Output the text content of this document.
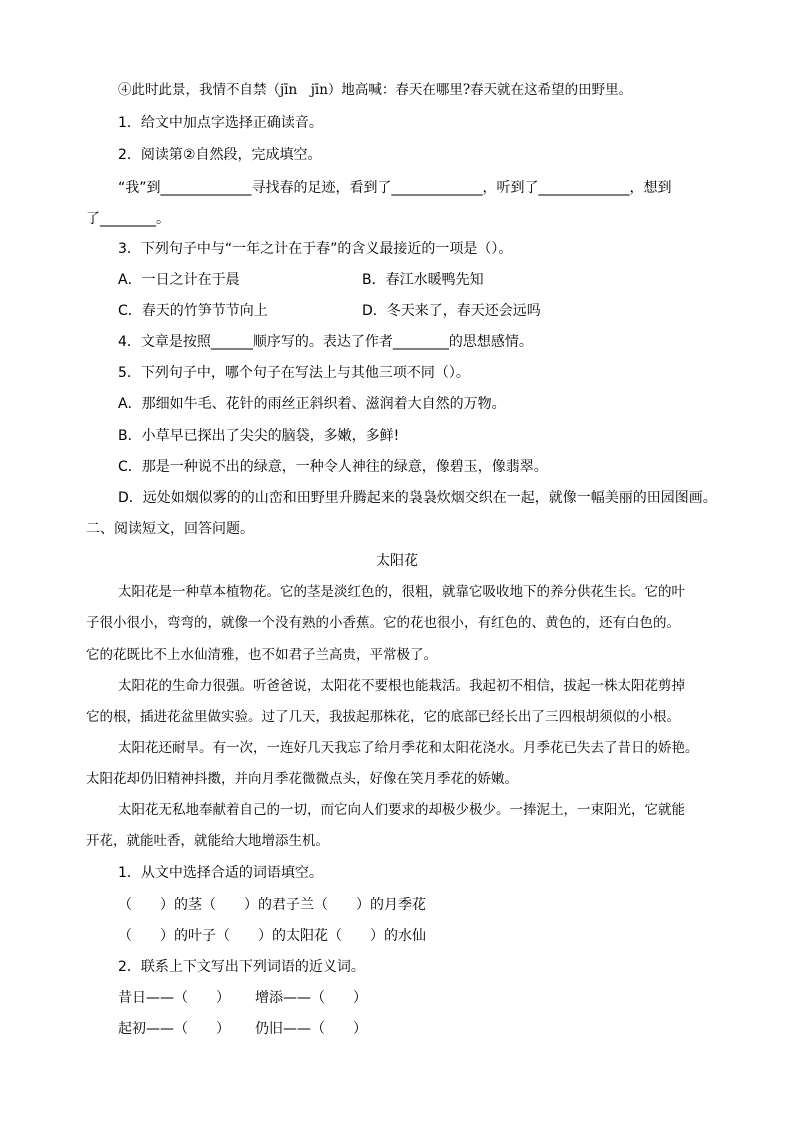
④此时此景，我情不自禁（jīn　jīn）地高喊：春天在哪里?春天就在这希望的田野里。
1．给文中加点字选择正确读音。
2．阅读第②自然段，完成填空。
“我”到_____________寻找春的足迹，看到了_____________，听到了_____________，想到
了________。
3．下列句子中与“一年之计在于春”的含义最接近的一项是（）。
A．一日之计在于晨	B．春江水暖鸭先知
C．春天的竹笋节节向上	D．冬天来了，春天还会远吗
4．文章是按照______顺序写的。表达了作者________的思想感情。
5．下列句子中，哪个句子在写法上与其他三项不同（）。
A．那细如牛毛、花针的雨丝正斜织着、滋润着大自然的万物。
B．小草早已探出了尖尖的脑袋，多嫩，多鲜!
C．那是一种说不出的绿意，一种令人神往的绿意，像碧玉，像翡翠。
D．远处如烟似雾的的山峦和田野里升腾起来的袅袅炊烟交织在一起，就像一幅美丽的田园图画。
二、阅读短文，回答问题。
太阳花
太阳花是一种草本植物花。它的茎是淡红色的，很粗，就靠它吸收地下的养分供花生长。它的叶
子很小很小，弯弯的，就像一个没有熟的小香蕉。它的花也很小，有红色的、黄色的，还有白色的。
它的花既比不上水仙清雅，也不如君子兰高贵，平常极了。
太阳花的生命力很强。听爸爸说，太阳花不要根也能栽活。我起初不相信，拔起一株太阳花剪掉
它的根，插进花盆里做实验。过了几天，我拔起那株花，它的底部已经长出了三四根胡须似的小根。
太阳花还耐旱。有一次，一连好几天我忘了给月季花和太阳花浇水。月季花已失去了昔日的娇艳。
太阳花却仍旧精神抖擞，并向月季花微微点头，好像在笑月季花的娇嫩。
太阳花无私地奉献着自己的一切，而它向人们要求的却极少极少。一捧泥土，一束阳光，它就能
开花，就能吐香，就能给大地增添生机。
1．从文中选择合适的词语填空。
（　　）的茎（　　）的君子兰（　　）的月季花
（　　）的叶子（　　）的太阳花（　　）的水仙
2．联系上下文写出下列词语的近义词。
昔日——（　　） 增添——（　　）
起初——（　　） 仍旧——（　　）
